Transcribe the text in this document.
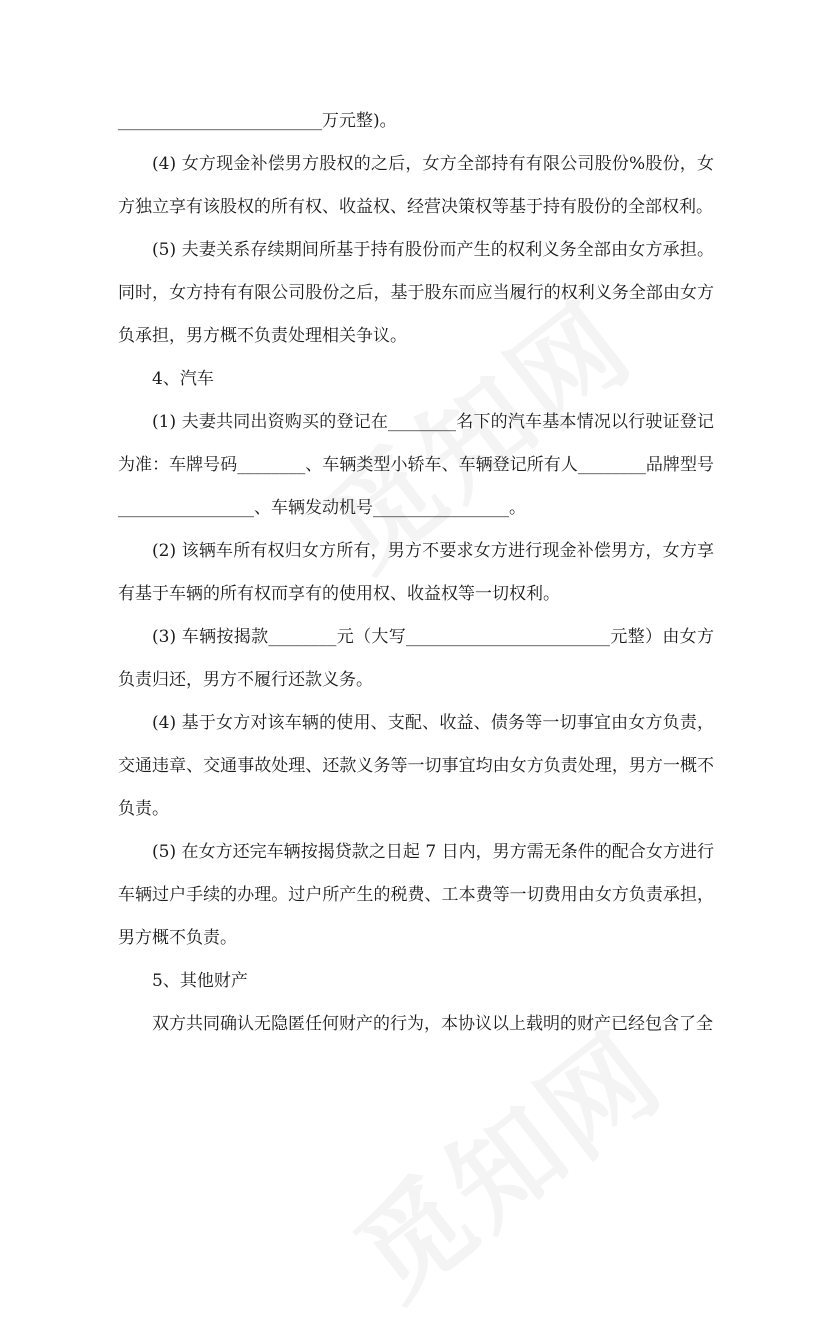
________________________万元整)。

(4) 女方现金补偿男方股权的之后，女方全部持有有限公司股份%股份，女方独立享有该股权的所有权、收益权、经营决策权等基于持有股份的全部权利。

(5) 夫妻关系存续期间所基于持有股份而产生的权利义务全部由女方承担。同时，女方持有有限公司股份之后，基于股东而应当履行的权利义务全部由女方负承担，男方概不负责处理相关争议。

4、汽车

(1) 夫妻共同出资购买的登记在________名下的汽车基本情况以行驶证登记为准：车牌号码________、车辆类型小轿车、车辆登记所有人________品牌型号________________、车辆发动机号________________。

(2) 该辆车所有权归女方所有，男方不要求女方进行现金补偿男方，女方享有基于车辆的所有权而享有的使用权、收益权等一切权利。

(3) 车辆按揭款________元（大写________________________元整）由女方负责归还，男方不履行还款义务。

(4) 基于女方对该车辆的使用、支配、收益、债务等一切事宜由女方负责，交通违章、交通事故处理、还款义务等一切事宜均由女方负责处理，男方一概不负责。

(5) 在女方还完车辆按揭贷款之日起 7 日内，男方需无条件的配合女方进行车辆过户手续的办理。过户所产生的税费、工本费等一切费用由女方负责承担，男方概不负责。

5、其他财产

双方共同确认无隐匿任何财产的行为，本协议以上载明的财产已经包含了全
